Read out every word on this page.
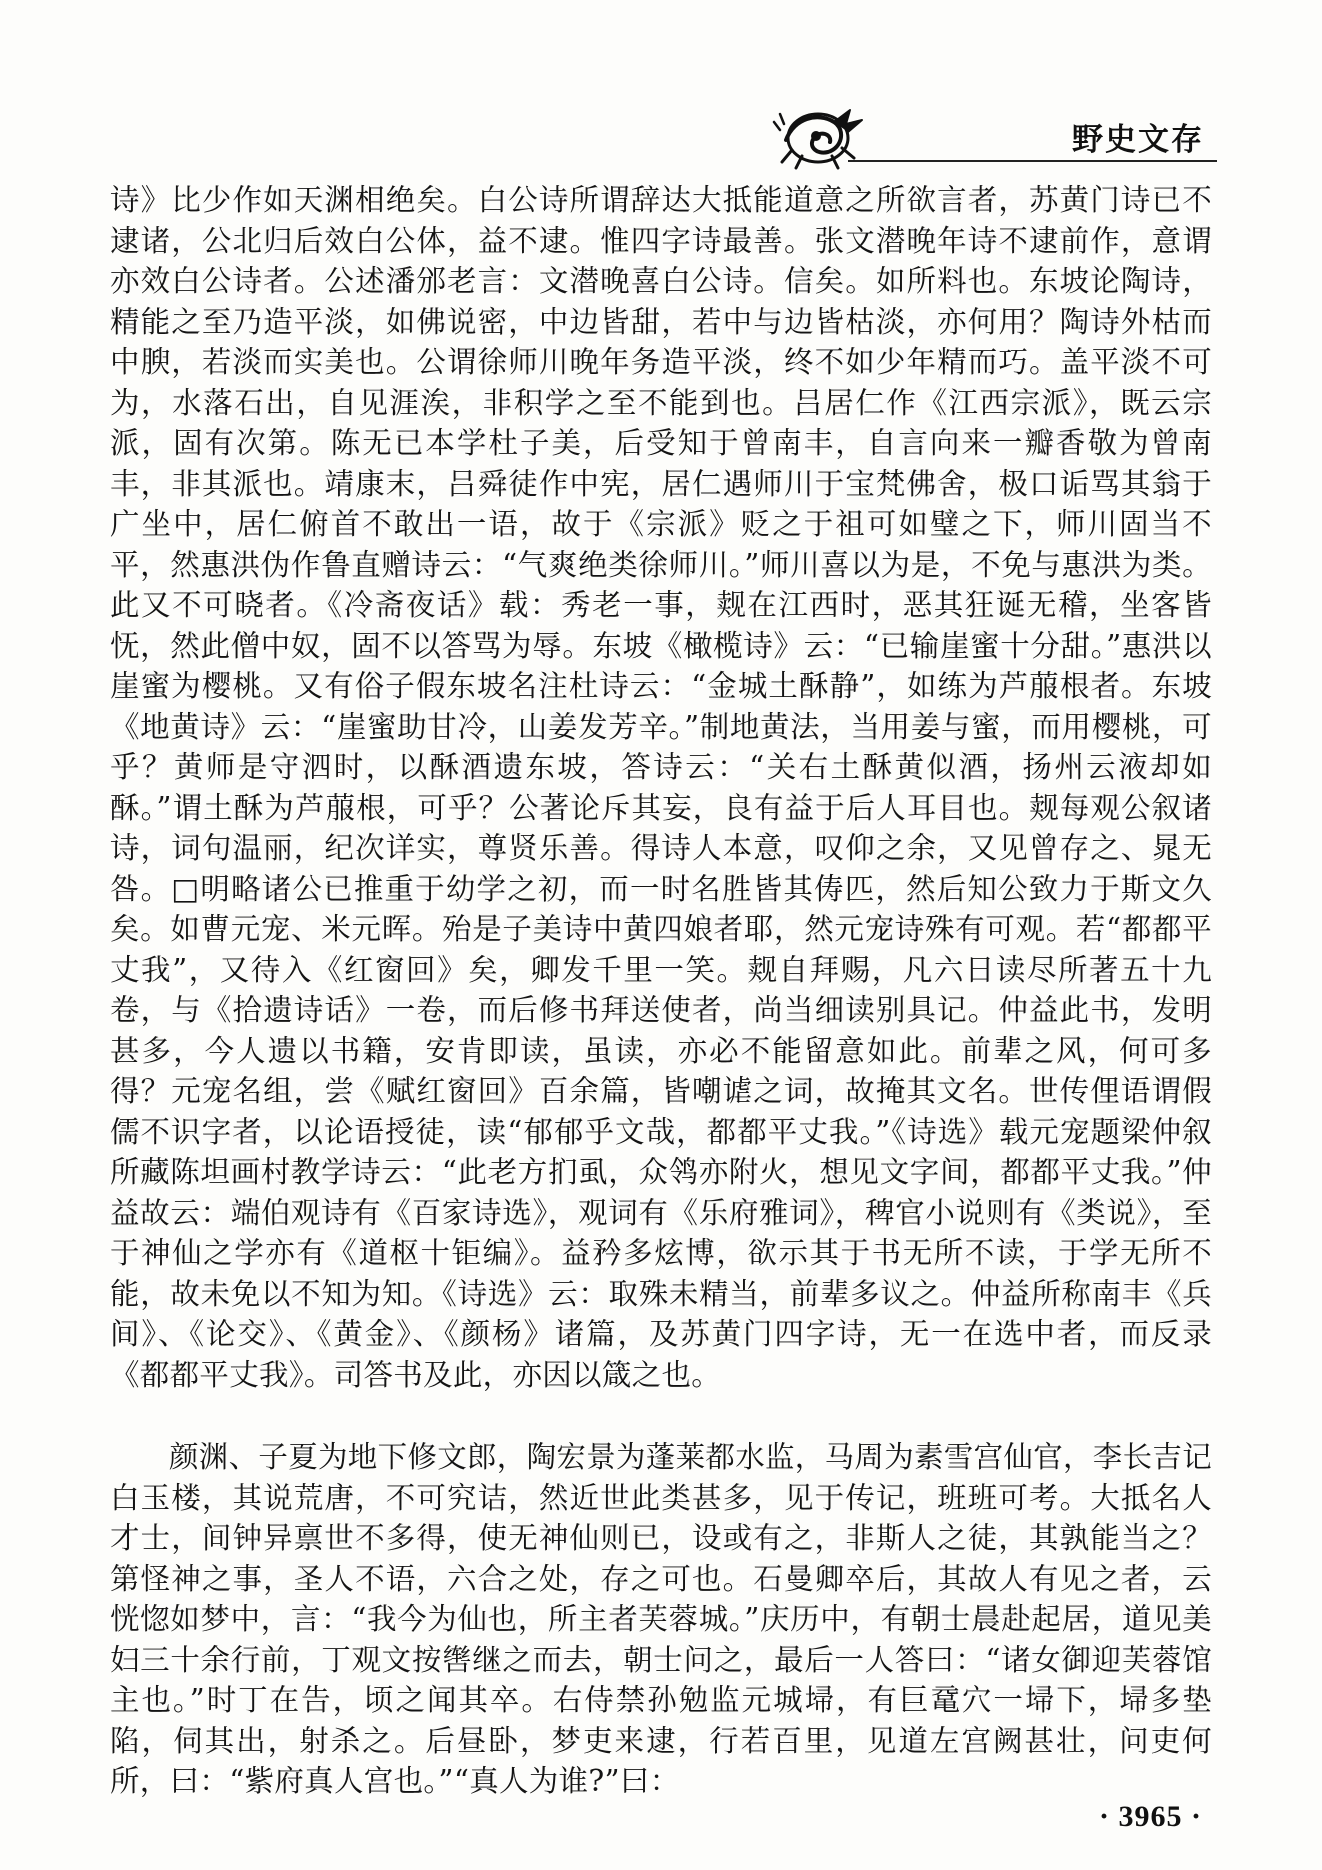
野史文存

诗》比少作如天渊相绝矣。白公诗所谓辞达大抵能道意之所欲言者，苏黄门诗已不逮诸，公北归后效白公体，益不逮。惟四字诗最善。张文潜晚年诗不逮前作，意谓亦效白公诗者。公述潘邠老言：文潜晚喜白公诗。信矣。如所料也。东坡论陶诗，精能之至乃造平淡，如佛说密，中边皆甜，若中与边皆枯淡，亦何用？陶诗外枯而中腴，若淡而实美也。公谓徐师川晚年务造平淡，终不如少年精而巧。盖平淡不可为，水落石出，自见涯涘，非积学之至不能到也。吕居仁作《江西宗派》，既云宗派，固有次第。陈无已本学杜子美，后受知于曾南丰，自言向来一瓣香敬为曾南丰，非其派也。靖康末，吕舜徒作中宪，居仁遇师川于宝梵佛舍，极口诟骂其翁于广坐中，居仁俯首不敢出一语，故于《宗派》贬之于祖可如璧之下，师川固当不平，然惠洪伪作鲁直赠诗云：“气爽绝类徐师川。”师川喜以为是，不免与惠洪为类。此又不可晓者。《冷斋夜话》载：秀老一事，觌在江西时，恶其狂诞无稽，坐客皆怃，然此僧中奴，固不以答骂为辱。东坡《橄榄诗》云：“已输崖蜜十分甜。”惠洪以崖蜜为樱桃。又有俗子假东坡名注杜诗云：“金城土酥静”，如练为芦菔根者。东坡《地黄诗》云：“崖蜜助甘冷，山姜发芳辛。”制地黄法，当用姜与蜜，而用樱桃，可乎？黄师是守泗时，以酥酒遗东坡，答诗云：“关右土酥黄似酒，扬州云液却如酥。”谓土酥为芦菔根，可乎？公著论斥其妄，良有益于后人耳目也。觌每观公叙诸诗，词句温丽，纪次详实，尊贤乐善。得诗人本意，叹仰之余，又见曾存之、晁无咎。□明略诸公已推重于幼学之初，而一时名胜皆其俦匹，然后知公致力于斯文久矣。如曹元宠、米元晖。殆是子美诗中黄四娘者耶，然元宠诗殊有可观。若“都都平丈我”，又待入《红窗回》矣，卿发千里一笑。觌自拜赐，凡六日读尽所著五十九卷，与《拾遗诗话》一卷，而后修书拜送使者，尚当细读别具记。仲益此书，发明甚多，今人遗以书籍，安肯即读，虽读，亦必不能留意如此。前辈之风，何可多得？元宠名组，尝《赋红窗回》百余篇，皆嘲谑之词，故掩其文名。世传俚语谓假儒不识字者，以论语授徒，读“郁郁乎文哉，都都平丈我。”《诗选》载元宠题梁仲叙所藏陈坦画村教学诗云：“此老方扪虱，众鸰亦附火，想见文字间，都都平丈我。”仲益故云：端伯观诗有《百家诗选》，观词有《乐府雅词》，稗官小说则有《类说》，至于神仙之学亦有《道枢十钜编》。益矜多炫博，欲示其于书无所不读，于学无所不能，故未免以不知为知。《诗选》云：取殊未精当，前辈多议之。仲益所称南丰《兵间》、《论交》、《黄金》、《颜杨》诸篇，及苏黄门四字诗，无一在选中者，而反录《都都平丈我》。司答书及此，亦因以箴之也。

颜渊、子夏为地下修文郎，陶宏景为蓬莱都水监，马周为素雪宫仙官，李长吉记白玉楼，其说荒唐，不可究诘，然近世此类甚多，见于传记，班班可考。大抵名人才士，间钟异禀世不多得，使无神仙则已，设或有之，非斯人之徒，其孰能当之？第怪神之事，圣人不语，六合之处，存之可也。石曼卿卒后，其故人有见之者，云恍惚如梦中，言：“我今为仙也，所主者芙蓉城。”庆历中，有朝士晨赴起居，道见美妇三十余行前，丁观文按辔继之而去，朝士问之，最后一人答曰：“诸女御迎芙蓉馆主也。”时丁在告，顷之闻其卒。右侍禁孙勉监元城埽，有巨鼋穴一埽下，埽多垫陷，伺其出，射杀之。后昼卧，梦吏来逮，行若百里，见道左宫阙甚壮，问吏何所，曰：“紫府真人宫也。”“真人为谁?”曰：

· 3965 ·
